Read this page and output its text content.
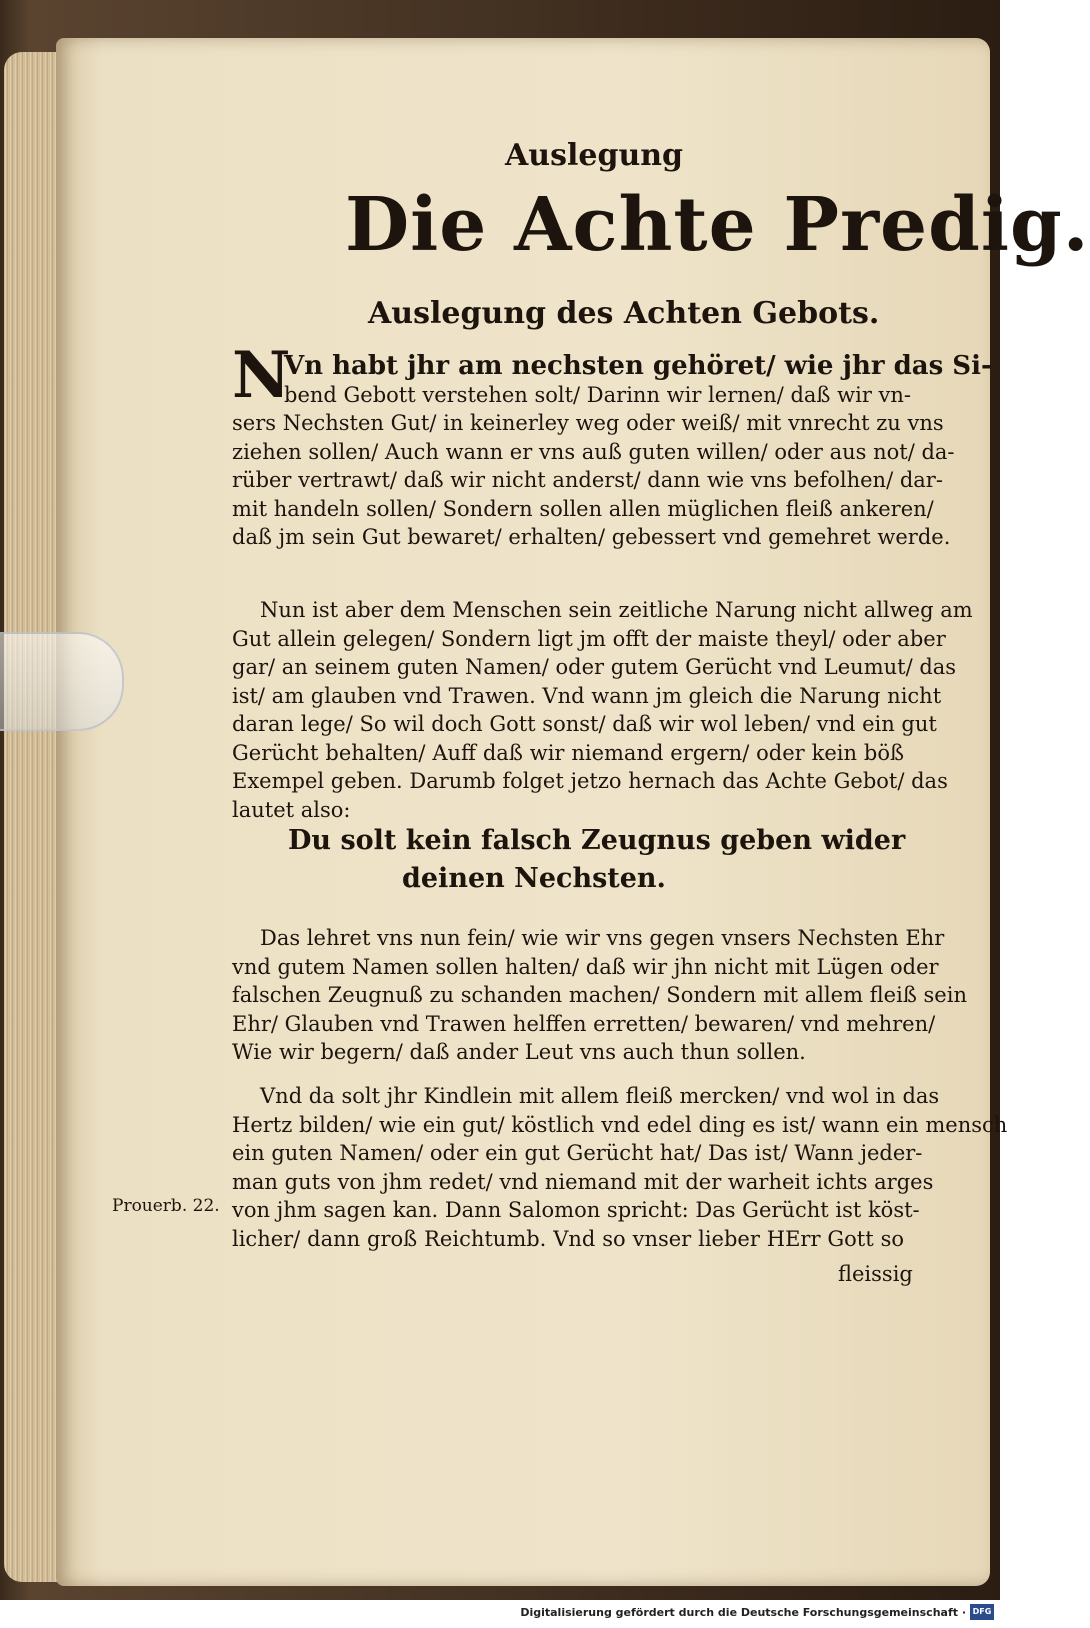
Auslegung
Die Achte Predig.
Auslegung des Achten Gebots.
N
Vn habt jhr am nechsten gehöret/ wie jhr das Si-
bend Gebott verstehen solt/ Darinn wir lernen/ daß wir vn-
sers Nechsten Gut/ in keinerley weg oder weiß/ mit vnrecht zu vns
ziehen sollen/ Auch wann er vns auß guten willen/ oder aus not/ da-
rüber vertrawt/ daß wir nicht anderst/ dann wie vns befolhen/ dar-
mit handeln sollen/ Sondern sollen allen müglichen fleiß ankeren/
daß jm sein Gut bewaret/ erhalten/ gebessert vnd gemehret werde.
Nun ist aber dem Menschen sein zeitliche Narung nicht allweg am
Gut allein gelegen/ Sondern ligt jm offt der maiste theyl/ oder aber
gar/ an seinem guten Namen/ oder gutem Gerücht vnd Leumut/ das
ist/ am glauben vnd Trawen. Vnd wann jm gleich die Narung nicht
daran lege/ So wil doch Gott sonst/ daß wir wol leben/ vnd ein gut
Gerücht behalten/ Auff daß wir niemand ergern/ oder kein böß
Exempel geben. Darumb folget jetzo hernach das Achte Gebot/ das
lautet also:
Du solt kein falsch Zeugnus geben wider
deinen Nechsten.
Das lehret vns nun fein/ wie wir vns gegen vnsers Nechsten Ehr
vnd gutem Namen sollen halten/ daß wir jhn nicht mit Lügen oder
falschen Zeugnuß zu schanden machen/ Sondern mit allem fleiß sein
Ehr/ Glauben vnd Trawen helffen erretten/ bewaren/ vnd mehren/
Wie wir begern/ daß ander Leut vns auch thun sollen.
Vnd da solt jhr Kindlein mit allem fleiß mercken/ vnd wol in das
Hertz bilden/ wie ein gut/ köstlich vnd edel ding es ist/ wann ein mensch
ein guten Namen/ oder ein gut Gerücht hat/ Das ist/ Wann jeder-
man guts von jhm redet/ vnd niemand mit der warheit ichts arges
von jhm sagen kan. Dann Salomon spricht: Das Gerücht ist köst-
licher/ dann groß Reichtumb. Vnd so vnser lieber HErr Gott so
Prouerb. 22.
fleissig
Digitalisierung gefördert durch die Deutsche Forschungsgemeinschaft · DFG
